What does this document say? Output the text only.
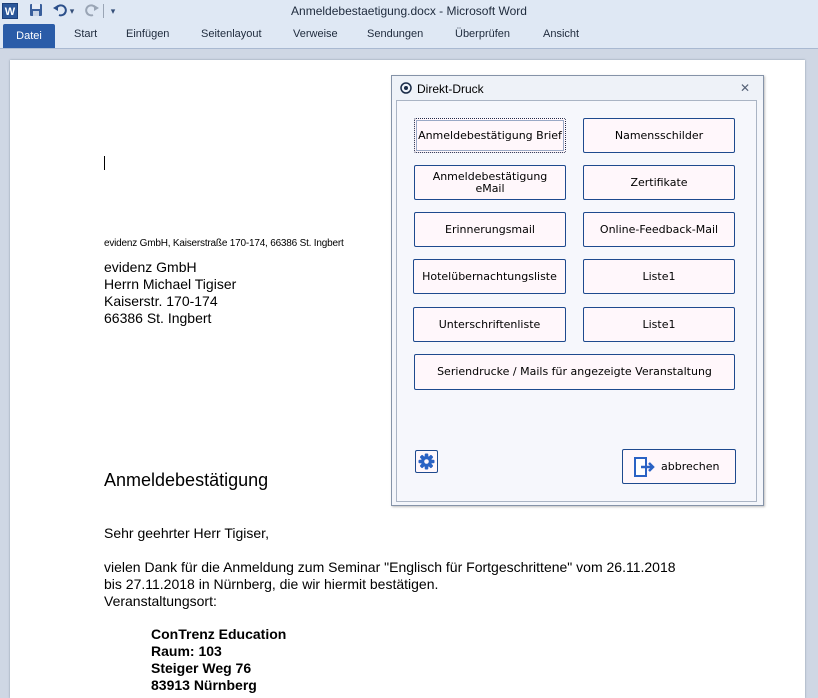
W	▾	▾	Anmeldebestaetigung.docx - Microsoft Word
Datei	Start	Einfügen	Seitenlayout	Verweise	Sendungen	Überprüfen	Ansicht
evidenz GmbH, Kaiserstraße 170-174, 66386 St. Ingbert
evidenz GmbH
Herrn Michael Tigiser
Kaiserstr. 170-174
66386 St. Ingbert
Anmeldebestätigung
Sehr geehrter Herr Tigiser,
vielen Dank für die Anmeldung zum Seminar "Englisch für Fortgeschrittene" vom 26.11.2018
bis 27.11.2018 in Nürnberg, die wir hiermit bestätigen.
Veranstaltungsort:
ConTrenz Education
Raum: 103
Steiger Weg 76
83913 Nürnberg
Direkt-Druck	✕
Anmeldebestätigung Brief	Namensschilder
Anmeldebestätigung
eMail	Zertifikate
Erinnerungsmail	Online-Feedback-Mail
Hotelübernachtungsliste	Liste1
Unterschriftenliste	Liste1
Seriendrucke / Mails für angezeigte Veranstaltung
abbrechen
